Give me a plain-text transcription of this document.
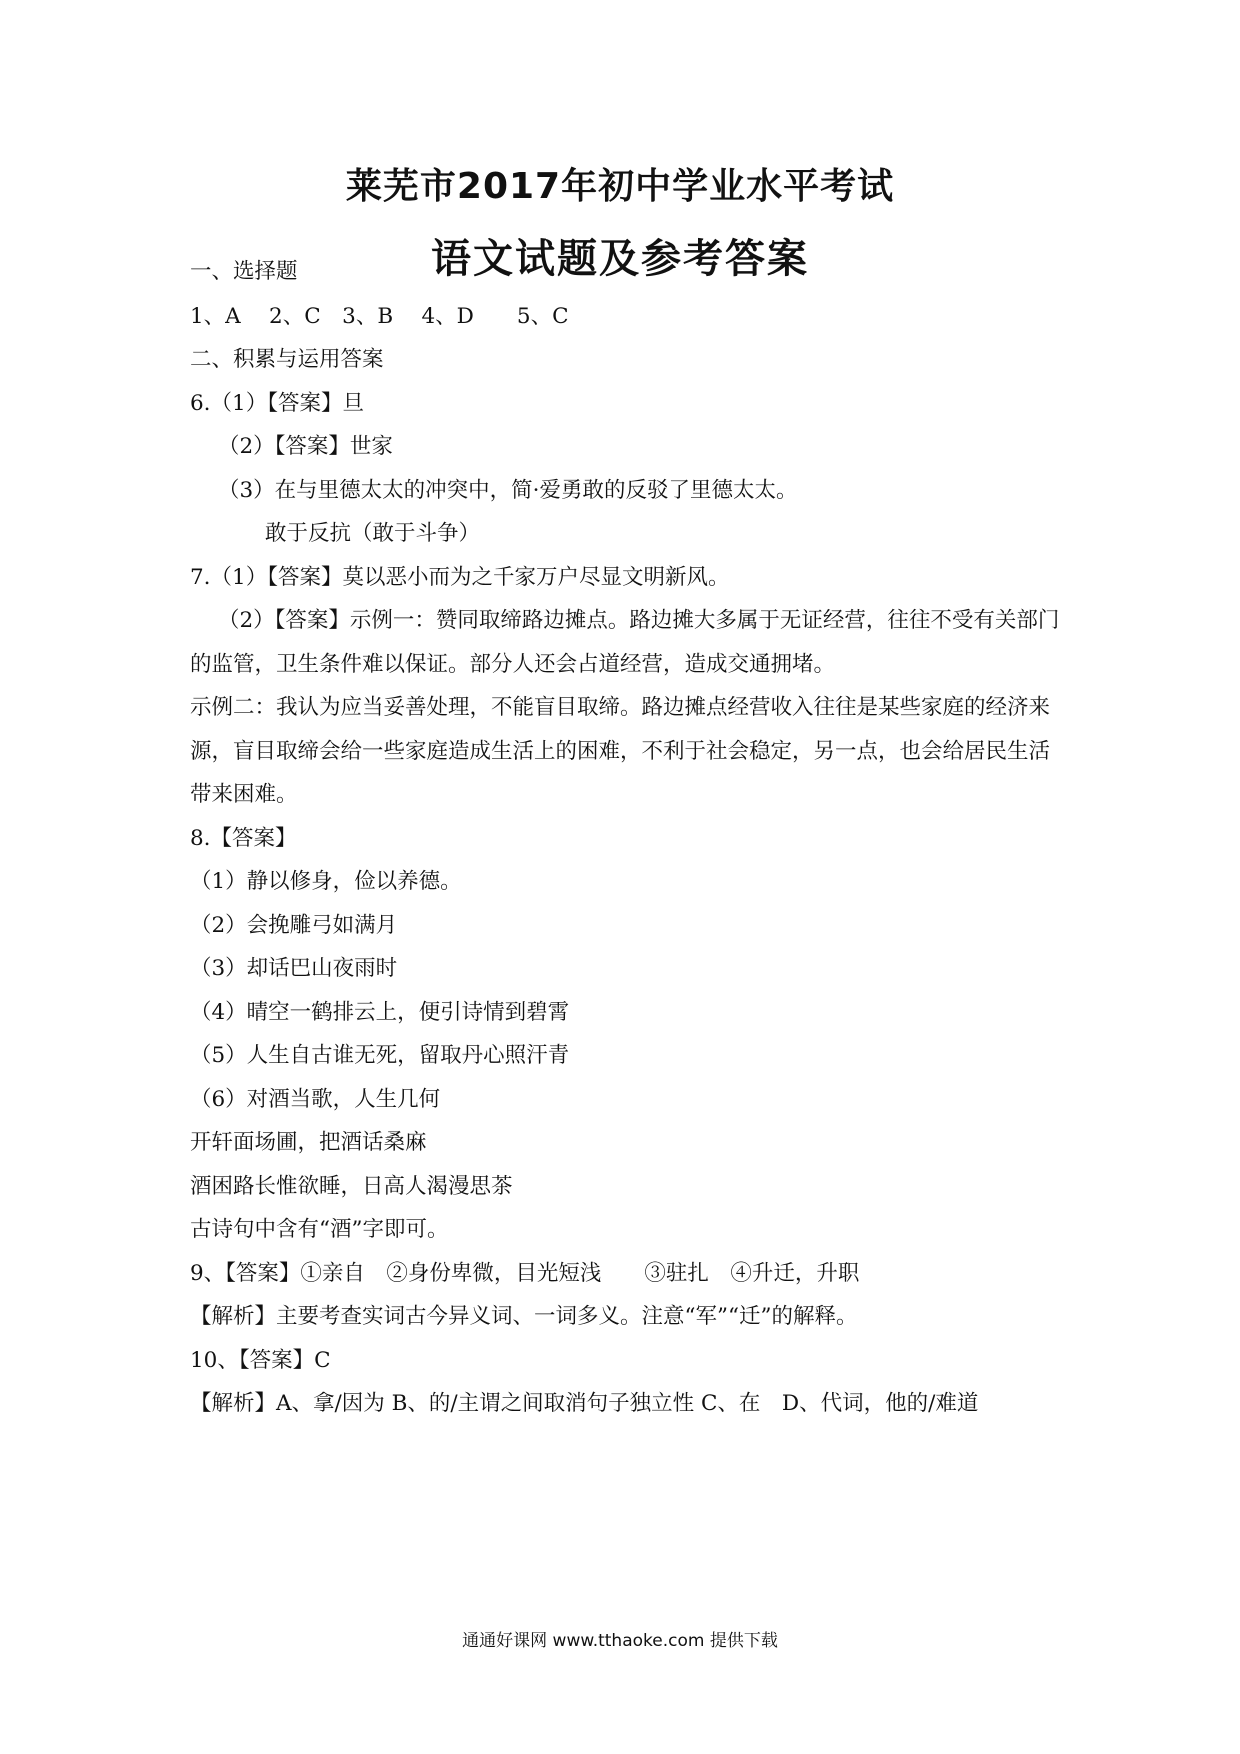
莱芜市2017年初中学业水平考试
语文试题及参考答案
一、选择题
1、A　 2、C　3、B　 4、D　　5、C
二、积累与运用答案
6.（1）【答案】旦
（2）【答案】世家
（3）在与里德太太的冲突中，简·爱勇敢的反驳了里德太太。
敢于反抗（敢于斗争）
7.（1）【答案】莫以恶小而为之千家万户尽显文明新风。
（2）【答案】示例一：赞同取缔路边摊点。路边摊大多属于无证经营，往往不受有关部门
的监管，卫生条件难以保证。部分人还会占道经营，造成交通拥堵。
示例二：我认为应当妥善处理，不能盲目取缔。路边摊点经营收入往往是某些家庭的经济来
源，盲目取缔会给一些家庭造成生活上的困难，不利于社会稳定，另一点，也会给居民生活
带来困难。
8.【答案】
（1）静以修身，俭以养德。
（2）会挽雕弓如满月
（3）却话巴山夜雨时
（4）晴空一鹤排云上，便引诗情到碧霄
（5）人生自古谁无死，留取丹心照汗青
（6）对酒当歌，人生几何
开轩面场圃，把酒话桑麻
酒困路长惟欲睡，日高人渴漫思茶
古诗句中含有“酒”字即可。
9、【答案】①亲自　②身份卑微，目光短浅　　③驻扎　④升迁，升职
【解析】主要考查实词古今异义词、一词多义。注意“军”“迁”的解释。
10、【答案】C
【解析】A、拿/因为 B、的/主谓之间取消句子独立性 C、在　D、代词，他的/难道
通通好课网 www.tthaoke.com 提供下载
